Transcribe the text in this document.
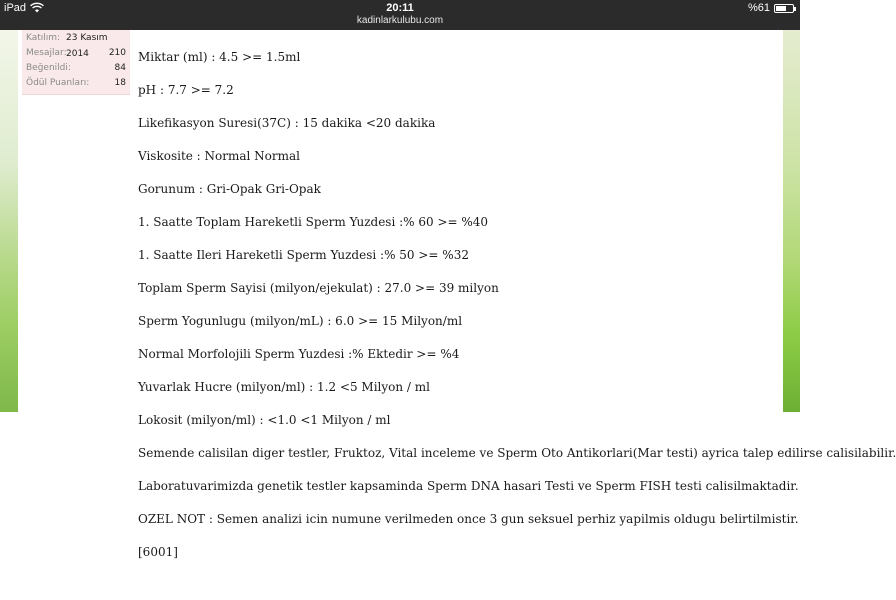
iPad	20:11
kadinlarkulubu.com
%61
Katılım: 23 Kasım 2014
Mesajlar:	210
Beğenildi:	84
Ödül Puanları:	18
Miktar (ml) : 4.5 >= 1.5ml
pH : 7.7 >= 7.2
Likefikasyon Suresi(37C) : 15 dakika <20 dakika
Viskosite : Normal Normal
Gorunum : Gri-Opak Gri-Opak
1. Saatte Toplam Hareketli Sperm Yuzdesi :% 60 >= %40
1. Saatte Ileri Hareketli Sperm Yuzdesi :% 50 >= %32
Toplam Sperm Sayisi (milyon/ejekulat) : 27.0 >= 39 milyon
Sperm Yogunlugu (milyon/mL) : 6.0 >= 15 Milyon/ml
Normal Morfolojili Sperm Yuzdesi :% Ektedir >= %4
Yuvarlak Hucre (milyon/ml) : 1.2 <5 Milyon / ml
Lokosit (milyon/ml) : <1.0 <1 Milyon / ml
Semende calisilan diger testler, Fruktoz, Vital inceleme ve Sperm Oto Antikorlari(Mar testi) ayrica talep edilirse calisilabilir.
Laboratuvarimizda genetik testler kapsaminda Sperm DNA hasari Testi ve Sperm FISH testi calisilmaktadir.
OZEL NOT : Semen analizi icin numune verilmeden once 3 gun seksuel perhiz yapilmis oldugu belirtilmistir.
[6001]
